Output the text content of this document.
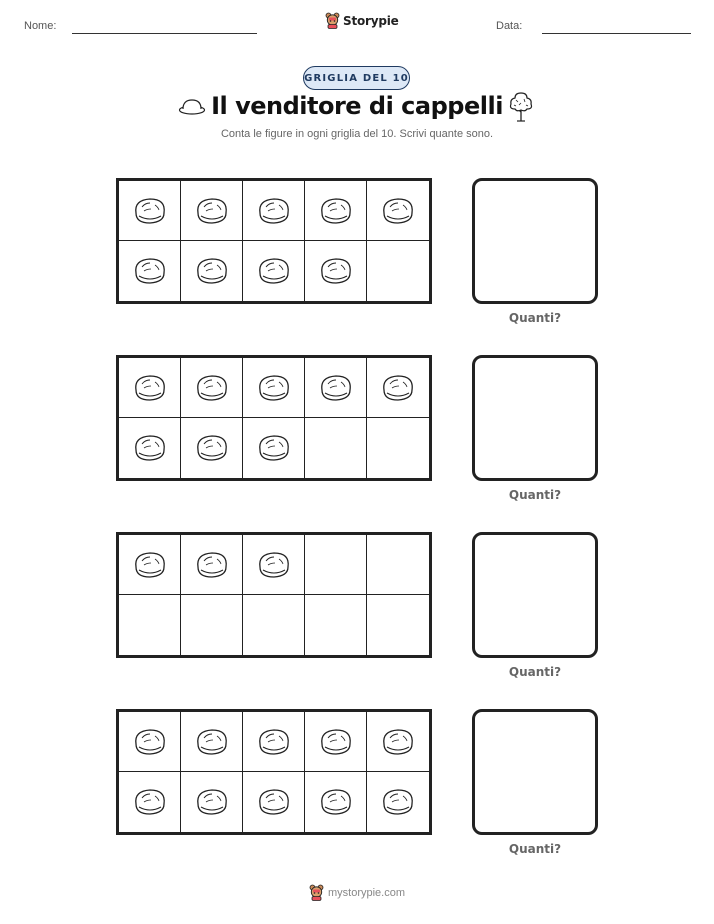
Nome:	Storypie	Data:
GRIGLIA DEL 10
Il venditore di cappelli
Conta le figure in ogni griglia del 10. Scrivi quante sono.
Quanti?
Quanti?
Quanti?
Quanti?
mystorypie.com
